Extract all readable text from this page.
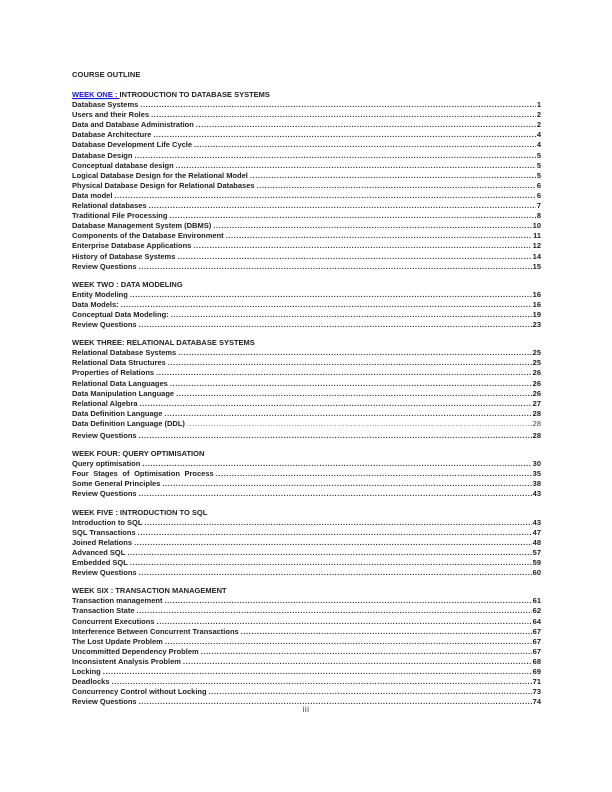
COURSE OUTLINE
WEEK ONE : INTRODUCTION TO DATABASE SYSTEMS
Database Systems .....	1
Users and their Roles .....	2
Data and Database Administration .....	2
Database Architecture .....	4
Database Development Life Cycle .....	4
Database Design .....	5
Conceptual database design .....	5
Logical Database Design for the Relational Model .....	5
Physical Database Design for Relational Databases .....	6
Data model .....	6
Relational databases .....	7
Traditional File Processing .....	8
Database Management System (DBMS) .....	10
Components of the Database Environment .....	11
Enterprise Database Applications .....	12
History of Database Systems .....	14
Review Questions .....	15
WEEK TWO : DATA MODELING
Entity Modeling .....	16
Data Models: .....	16
Conceptual Data Modeling: .....	19
Review Questions .....	23
WEEK THREE: RELATIONAL DATABASE SYSTEMS
Relational Database Systems .....	25
Relational Data Structures .....	25
Properties of Relations .....	26
Relational Data Languages .....	26
Data Manipulation Language .....	26
Relational Algebra .....	27
Data Definition Language .....	28
Data Definition Language (DDL) .....	28
Review Questions .....	28
WEEK FOUR: QUERY OPTIMISATION
Query optimisation .....	30
Four Stages of Optimisation Process .....	35
Some General Principles .....	38
Review Questions .....	43
WEEK FIVE : INTRODUCTION TO SQL
Introduction to SQL .....	43
SQL Transactions .....	47
Joined Relations .....	48
Advanced SQL .....	57
Embedded SQL .....	59
Review Questions .....	60
WEEK SIX : TRANSACTION MANAGEMENT
Transaction management .....	61
Transaction State .....	62
Concurrent Executions .....	64
Interference Between Concurrent Transactions .....	67
The Lost Update Problem .....	67
Uncommitted Dependency Problem .....	67
Inconsistent Analysis Problem .....	68
Locking .....	69
Deadlocks .....	71
Concurrency Control without Locking .....	73
Review Questions .....	74
iii
